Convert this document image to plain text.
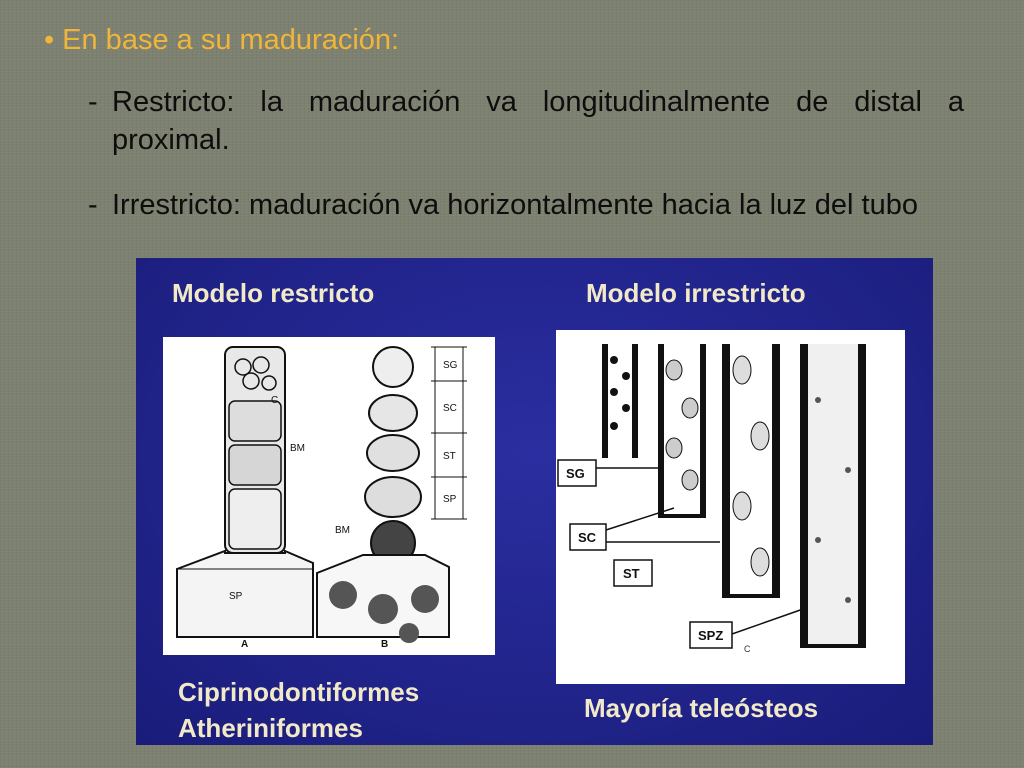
• En base a su maduración:
- Restricto: la maduración va longitudinalmente de distal a proximal.
- Irrestricto: maduración va horizontalmente hacia la luz del tubo
Modelo restricto	Modelo irrestricto
C
BM
SP
A
SG
SC
ST
SP
BM
B
SG
SC
ST
SPZ
C
Ciprinodontiformes
Atheriniformes
Mayoría teleósteos
